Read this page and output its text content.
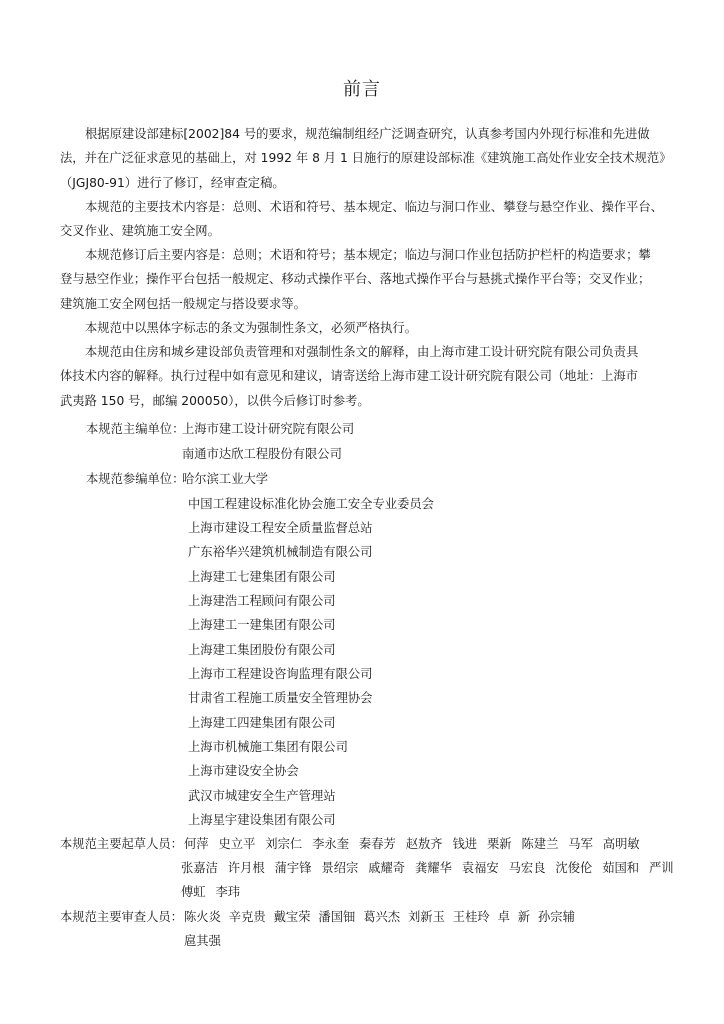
前言
根据原建设部建标[2002]84 号的要求，规范编制组经广泛调查研究，认真参考国内外现行标准和先进做
法，并在广泛征求意见的基础上，对 1992 年 8 月 1 日施行的原建设部标准《建筑施工高处作业安全技术规范》
（JGJ80-91）进行了修订，经审查定稿。
本规范的主要技术内容是：总则、术语和符号、基本规定、临边与洞口作业、攀登与悬空作业、操作平台、
交叉作业、建筑施工安全网。
本规范修订后主要内容是：总则；术语和符号；基本规定；临边与洞口作业包括防护栏杆的构造要求；攀
登与悬空作业；操作平台包括一般规定、移动式操作平台、落地式操作平台与悬挑式操作平台等；交叉作业；
建筑施工安全网包括一般规定与搭设要求等。
本规范中以黑体字标志的条文为强制性条文，必须严格执行。
本规范由住房和城乡建设部负责管理和对强制性条文的解释，由上海市建工设计研究院有限公司负责具
体技术内容的解释。执行过程中如有意见和建议，请寄送给上海市建工设计研究院有限公司（地址：上海市
武夷路 150 号，邮编 200050），以供今后修订时参考。
本规范主编单位：
上海市建工设计研究院有限公司
南通市达欣工程股份有限公司
本规范参编单位：
哈尔滨工业大学
中国工程建设标准化协会施工安全专业委员会
上海市建设工程安全质量监督总站
广东裕华兴建筑机械制造有限公司
上海建工七建集团有限公司
上海建浩工程顾问有限公司
上海建工一建集团有限公司
上海建工集团股份有限公司
上海市工程建设咨询监理有限公司
甘肃省工程施工质量安全管理协会
上海建工四建集团有限公司
上海市机械施工集团有限公司
上海市建设安全协会
武汉市城建安全生产管理站
上海星宇建设集团有限公司
本规范主要起草人员： 何萍 史立平 刘宗仁 李永奎 秦春芳 赵敖齐 钱进 栗新 陈建兰 马军 高明敏
张嘉洁 许月根 蒲宇锋 景绍宗 戚耀奇 龚耀华 袁福安 马宏良 沈俊伦 茹国和 严训
傅虹 李玮
本规范主要审查人员： 陈火炎 辛克贵 戴宝荣 潘国钿 葛兴杰 刘新玉 王桂玲 卓 新 孙宗辅
扈其强
